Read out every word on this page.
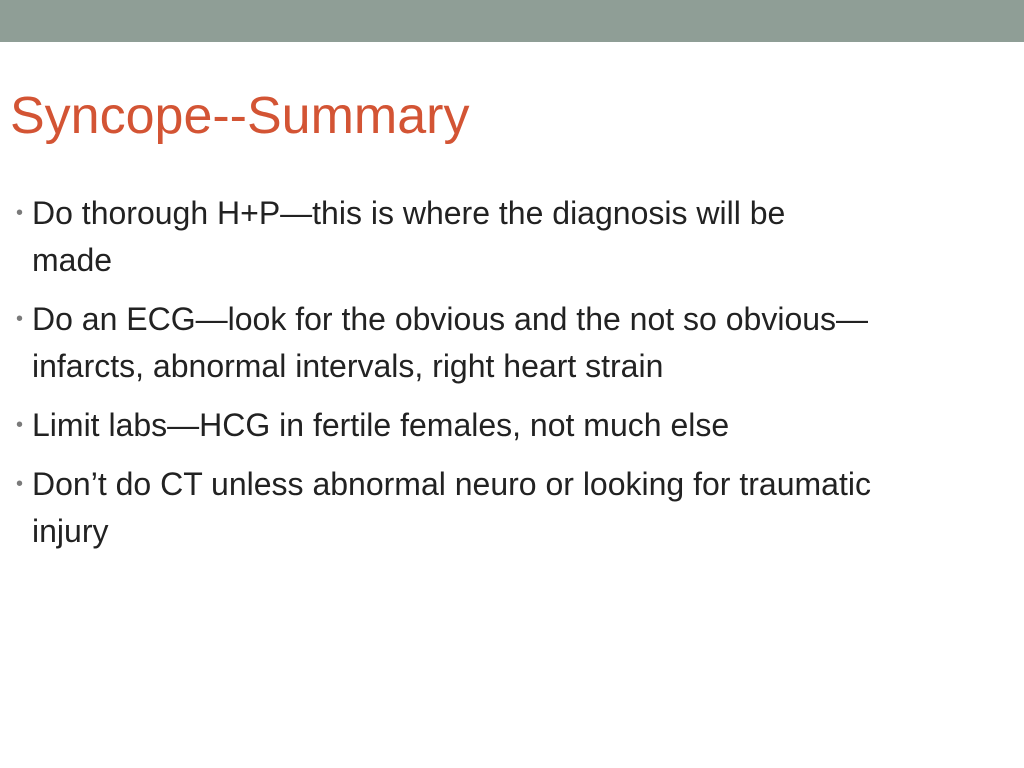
Syncope--Summary
• Do thorough H+P—this is where the diagnosis will be made
• Do an ECG—look for the obvious and the not so obvious—infarcts, abnormal intervals, right heart strain
• Limit labs—HCG in fertile females, not much else
• Don’t do CT unless abnormal neuro or looking for traumatic injury
